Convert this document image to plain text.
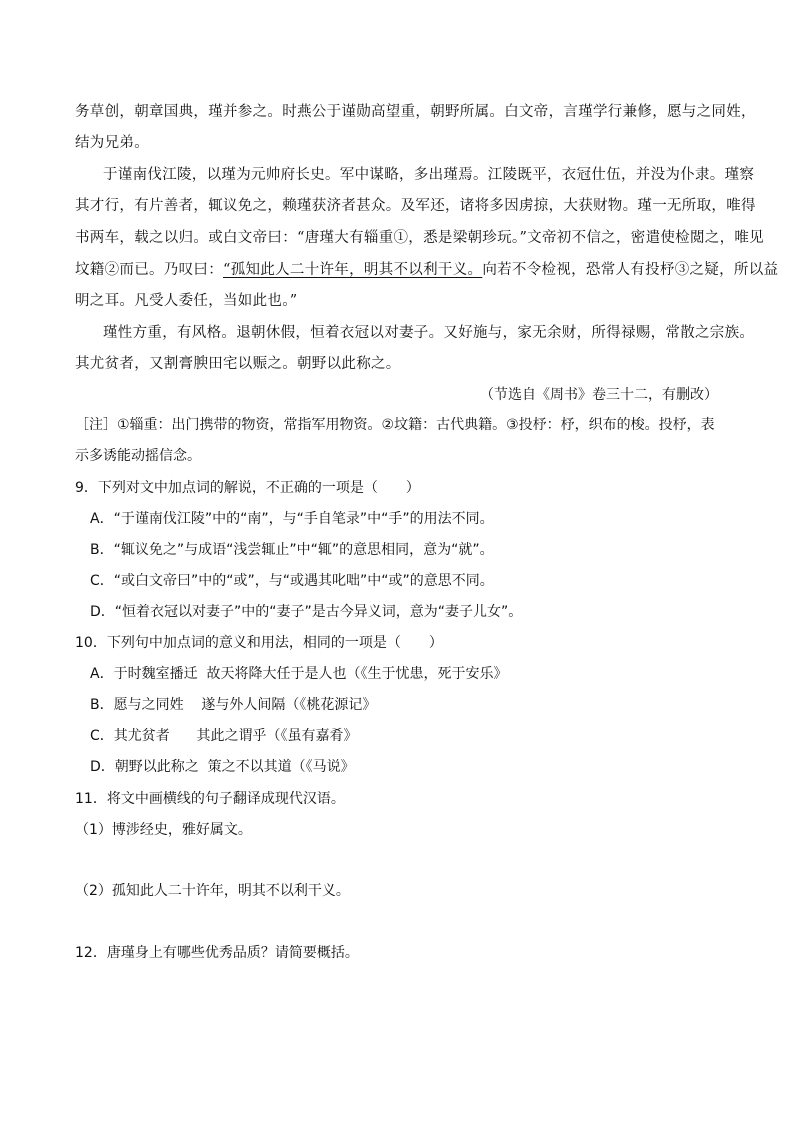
务草创，朝章国典，瑾并参之。时燕公于谨勋高望重，朝野所属。白文帝，言瑾学行兼修，愿与之同姓，
结为兄弟。
于谨南伐江陵，以瑾为元帅府长史。军中谋略，多出瑾焉。江陵既平，衣冠仕伍，并没为仆隶。瑾察
其才行，有片善者，辄议免之，赖瑾获济者甚众。及军还，诸将多因虏掠，大获财物。瑾一无所取，唯得
书两车，载之以归。或白文帝曰：“唐瑾大有辎重①，悉是梁朝珍玩。”文帝初不信之，密遣使检閲之，唯见
坟籍②而已。乃叹曰：“孤知此人二十许年，明其不以利干义。向若不令检视，恐常人有投杼③之疑，所以益
明之耳。凡受人委任，当如此也。”
瑾性方重，有风格。退朝休假，恒着衣冠以对妻子。又好施与，家无余财，所得禄赐，常散之宗族。
其尤贫者，又割膏腴田宅以赈之。朝野以此称之。
（节选自《周书》卷三十二，有删改）
［注］①辎重：出门携带的物资，常指军用物资。②坟籍：古代典籍。③投杼：杼，织布的梭。投杼，表
示多诱能动摇信念。
9．下列对文中加点词的解说，不正确的一项是（　　）
A．“于谨南伐江陵”中的“南”，与“手自笔录”中“手”的用法不同。
B．“辄议免之”与成语“浅尝辄止”中“辄”的意思相同，意为“就”。
C．“或白文帝曰”中的“或”，与“或遇其叱咄”中“或”的意思不同。
D．“恒着衣冠以对妻子”中的“妻子”是古今异义词，意为“妻子儿女”。
10．下列句中加点词的意义和用法，相同的一项是（　　）
A．于时魏室播迁  故天将降大任于是人也（《生于忧患，死于安乐》
B．愿与之同姓    遂与外人间隔（《桃花源记》
C．其尤贫者      其此之谓乎（《虽有嘉肴》
D．朝野以此称之  策之不以其道（《马说》
11．将文中画横线的句子翻译成现代汉语。
（1）博涉经史，雅好属文。
（2）孤知此人二十许年，明其不以利干义。
12．唐瑾身上有哪些优秀品质？请简要概括。
